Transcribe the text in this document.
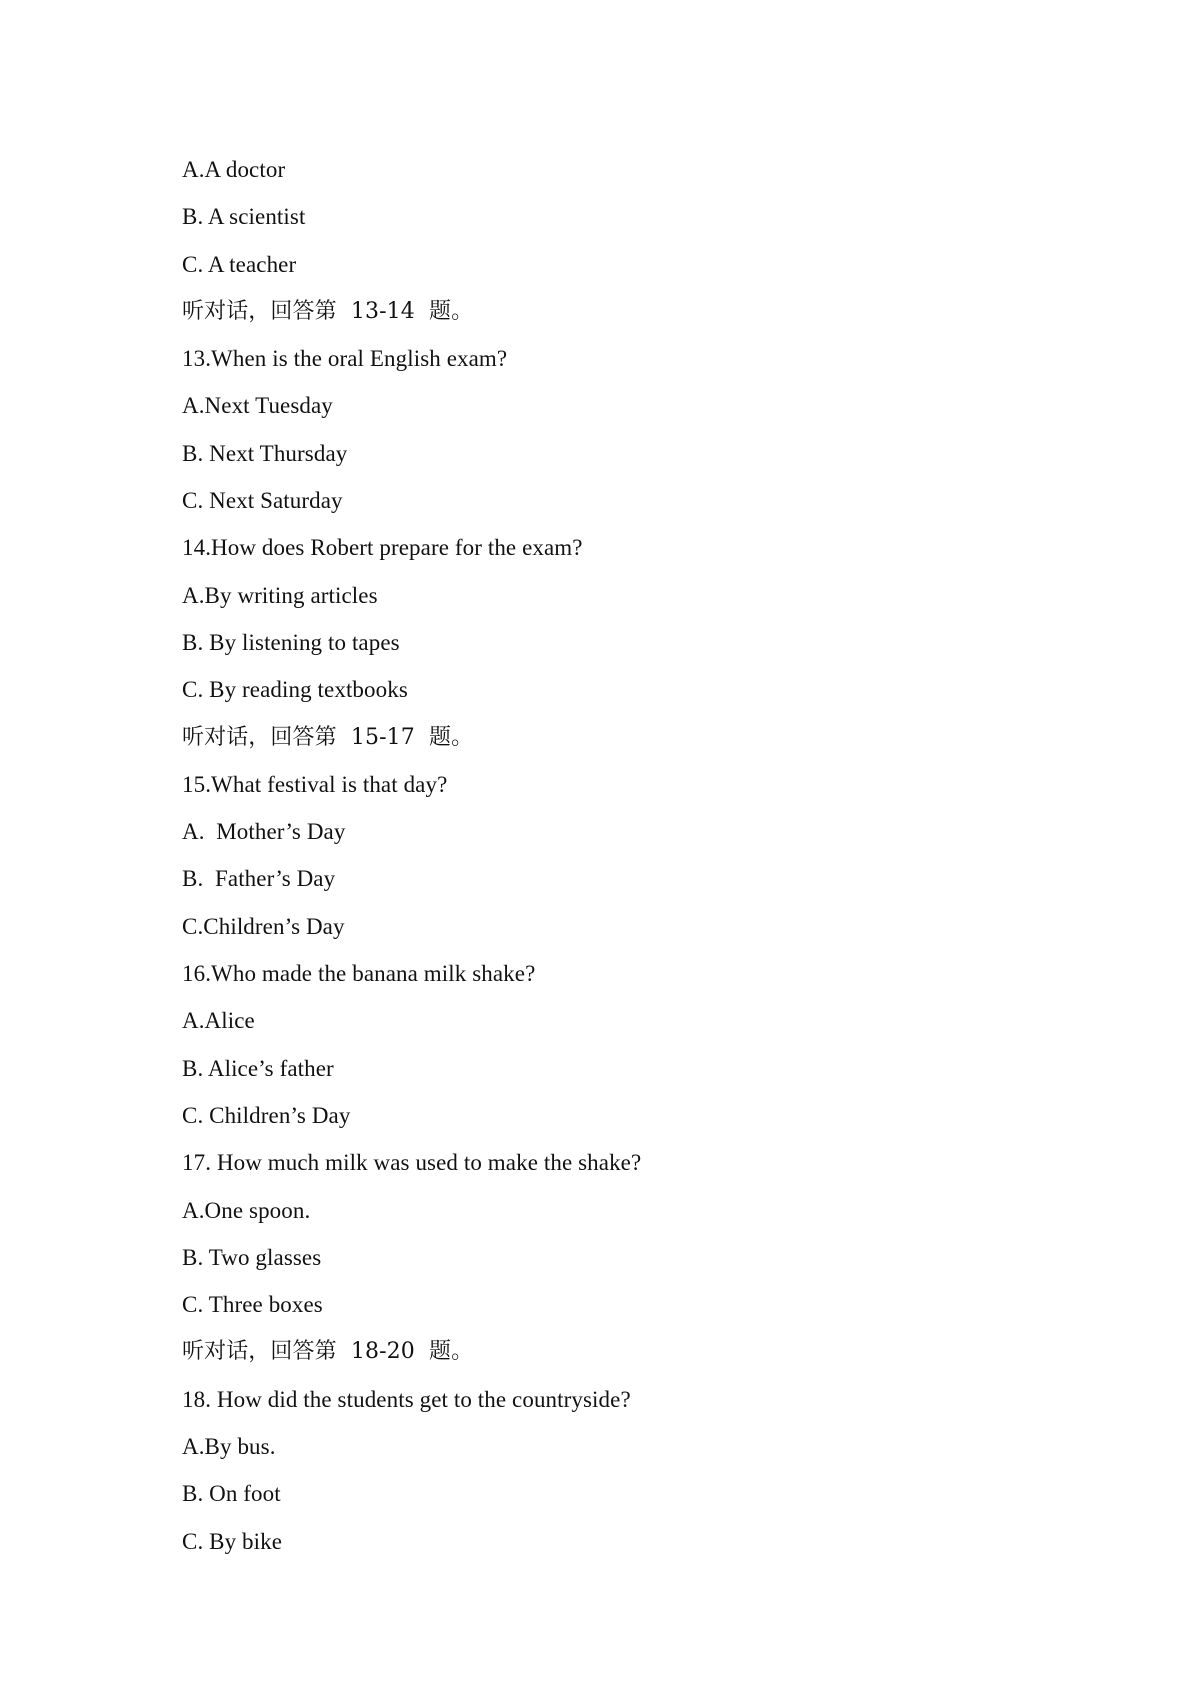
A.A doctor
B. A scientist
C. A teacher
听对话，回答第  13-14  题。
13.When is the oral English exam?
A.Next Tuesday
B. Next Thursday
C. Next Saturday
14.How does Robert prepare for the exam?
A.By writing articles
B. By listening to tapes
C. By reading textbooks
听对话，回答第  15-17  题。
15.What festival is that day?
A.  Mother’s Day
B.  Father’s Day
C.Children’s Day
16.Who made the banana milk shake?
A.Alice
B. Alice’s father
C. Children’s Day
17. How much milk was used to make the shake?
A.One spoon.
B. Two glasses
C. Three boxes
听对话，回答第  18-20  题。
18. How did the students get to the countryside?
A.By bus.
B. On foot
C. By bike
